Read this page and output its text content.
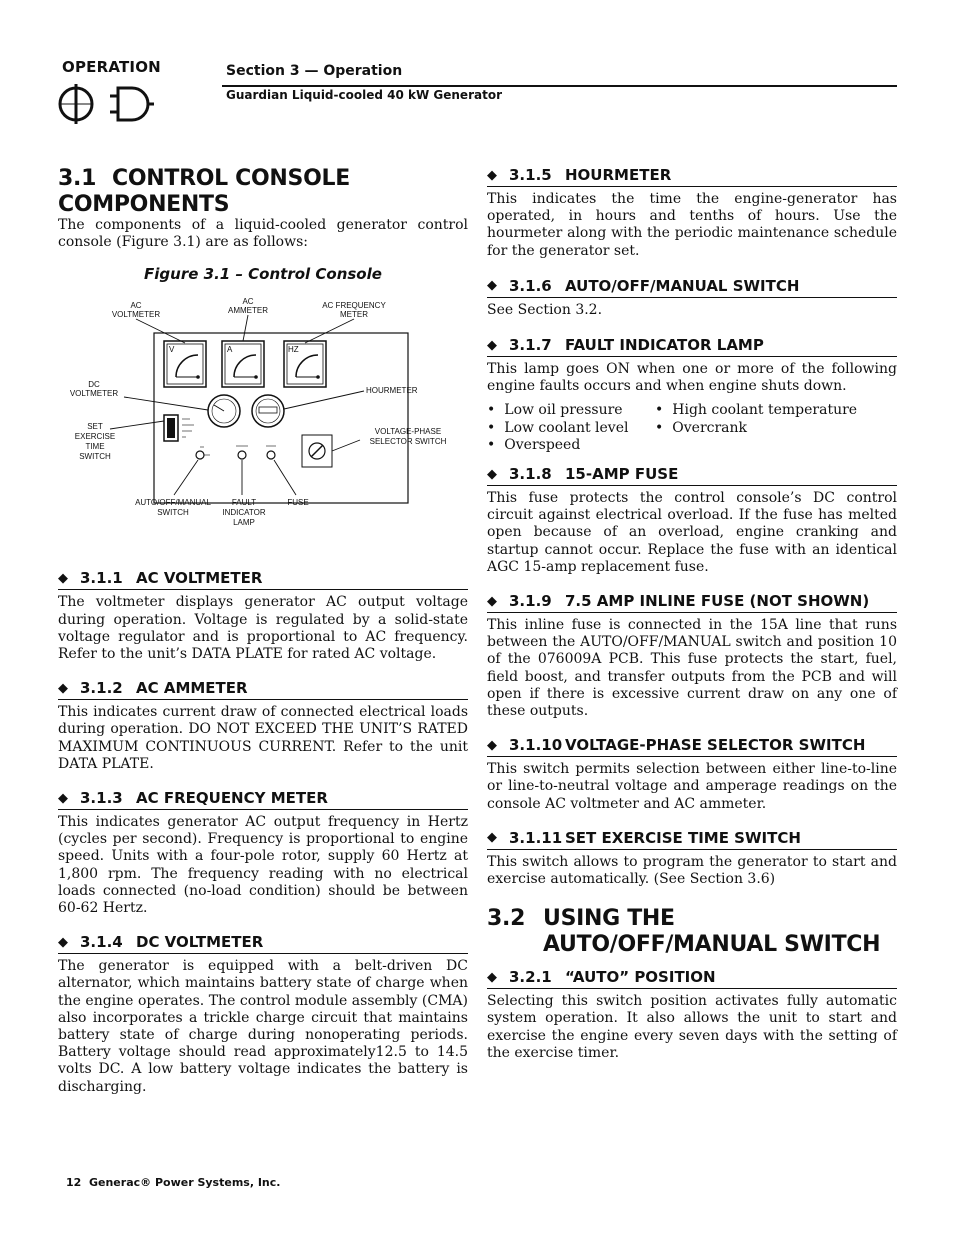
OPERATION	Section 3 — Operation
Guardian Liquid-cooled 40 kW Generator
3.1 CONTROL CONSOLE COMPONENTS

The components of a liquid-cooled generator control console (Figure 3.1) are as follows:

Figure 3.1 – Control Console

V	A	HZ
AC
VOLTMETER
AC
AMMETER
AC FREQUENCY
METER
DC
VOLTMETER	HOURMETER
SET
EXERCISE
TIME
SWITCH
VOLTAGE-PHASE
SELECTOR SWITCH
AUTO/OFF/MANUAL
SWITCH
FAULT
INDICATOR
LAMP
FUSE
◆ 3.1.1 AC VOLTMETER

The voltmeter displays generator AC output voltage during operation. Voltage is regulated by a solid-state voltage regulator and is proportional to AC frequency. Refer to the unit’s DATA PLATE for rated AC voltage.

◆ 3.1.2 AC AMMETER

This indicates current draw of connected electrical loads during operation. DO NOT EXCEED THE UNIT’S RATED MAXIMUM CONTINUOUS CURRENT. Refer to the unit DATA PLATE.

◆ 3.1.3 AC FREQUENCY METER

This indicates generator AC output frequency in Hertz (cycles per second). Frequency is proportional to engine speed. Units with a four-pole rotor, supply 60 Hertz at 1,800 rpm. The frequency reading with no electrical loads connected (no-load condition) should be between 60-62 Hertz.

◆ 3.1.4 DC VOLTMETER

The generator is equipped with a belt-driven DC alternator, which maintains battery state of charge when the engine operates. The control module assembly (CMA) also incorporates a trickle charge circuit that maintains battery state of charge during nonoperating periods. Battery voltage should read approximately12.5 to 14.5 volts DC. A low battery voltage indicates the battery is discharging.

◆ 3.1.5 HOURMETER

This indicates the time the engine-generator has operated, in hours and tenths of hours. Use the hourmeter along with the periodic maintenance schedule for the generator set.

◆ 3.1.6 AUTO/OFF/MANUAL SWITCH

See Section 3.2.

◆ 3.1.7 FAULT INDICATOR LAMP

This lamp goes ON when one or more of the following engine faults occurs and when engine shuts down.

• Low oil pressure
• Low coolant level
• Overspeed
• High coolant temperature
• Overcrank
◆ 3.1.8 15-AMP FUSE

This fuse protects the control console’s DC control circuit against electrical overload. If the fuse has melted open because of an overload, engine cranking and startup cannot occur. Replace the fuse with an identical AGC 15-amp replacement fuse.

◆ 3.1.9 7.5 AMP INLINE FUSE (NOT SHOWN)

This inline fuse is connected in the 15A line that runs between the AUTO/OFF/MANUAL switch and position 10 of the 076009A PCB. This fuse protects the start, fuel, field boost, and transfer outputs from the PCB and will open if there is excessive current draw on any one of these outputs.

◆ 3.1.10 VOLTAGE-PHASE SELECTOR SWITCH

This switch permits selection between either line-to-line or line-to-neutral voltage and amperage readings on the console AC voltmeter and AC ammeter.

◆ 3.1.11 SET EXERCISE TIME SWITCH

This switch allows to program the generator to start and exercise automatically. (See Section 3.6)

3.2 USING THE AUTO/OFF/MANUAL SWITCH
◆ 3.2.1 “AUTO” POSITION

Selecting this switch position activates fully automatic system operation. It also allows the unit to start and exercise the engine every seven days with the setting of the exercise timer.

12 Generac® Power Systems, Inc.
